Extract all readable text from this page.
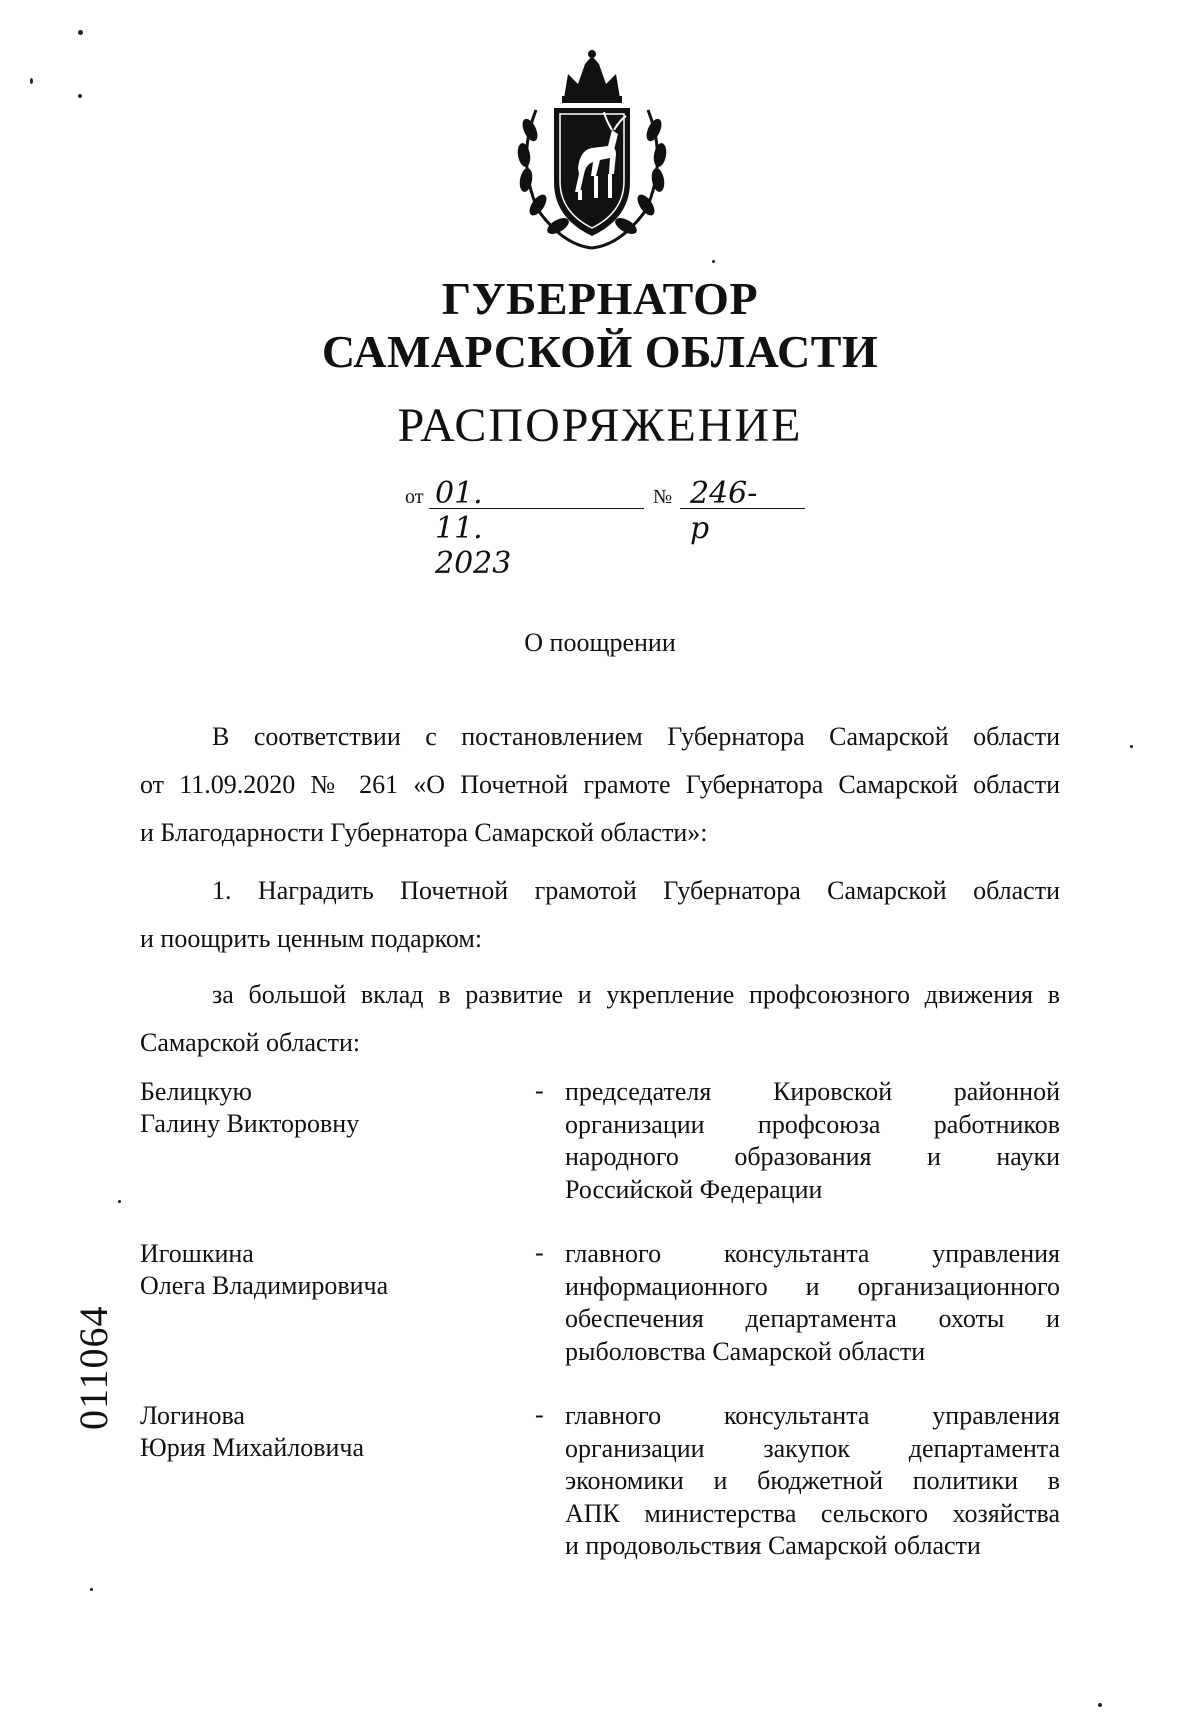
ГУБЕРНАТОР
САМАРСКОЙ ОБЛАСТИ
РАСПОРЯЖЕНИЕ
от 01. 11. 2023
№ 246-р
О поощрении
В соответствии с постановлением Губернатора Самарской области
от 11.09.2020 № 261 «О Почетной грамоте Губернатора Самарской области
и Благодарности Губернатора Самарской области»:
1. Наградить Почетной грамотой Губернатора Самарской области
и поощрить ценным подарком:
за большой вклад в развитие и укрепление профсоюзного движения в
Самарской области:
Белицкую
Галину Викторовну
- председателя Кировской районной
организации профсоюза работников
народного образования и науки
Российской Федерации
Игошкина
Олега Владимировича
- главного консультанта управления
информационного и организационного
обеспечения департамента охоты и
рыболовства Самарской области
Логинова
Юрия Михайловича
- главного консультанта управления
организации закупок департамента
экономики и бюджетной политики в
АПК министерства сельского хозяйства
и продовольствия Самарской области
011064
